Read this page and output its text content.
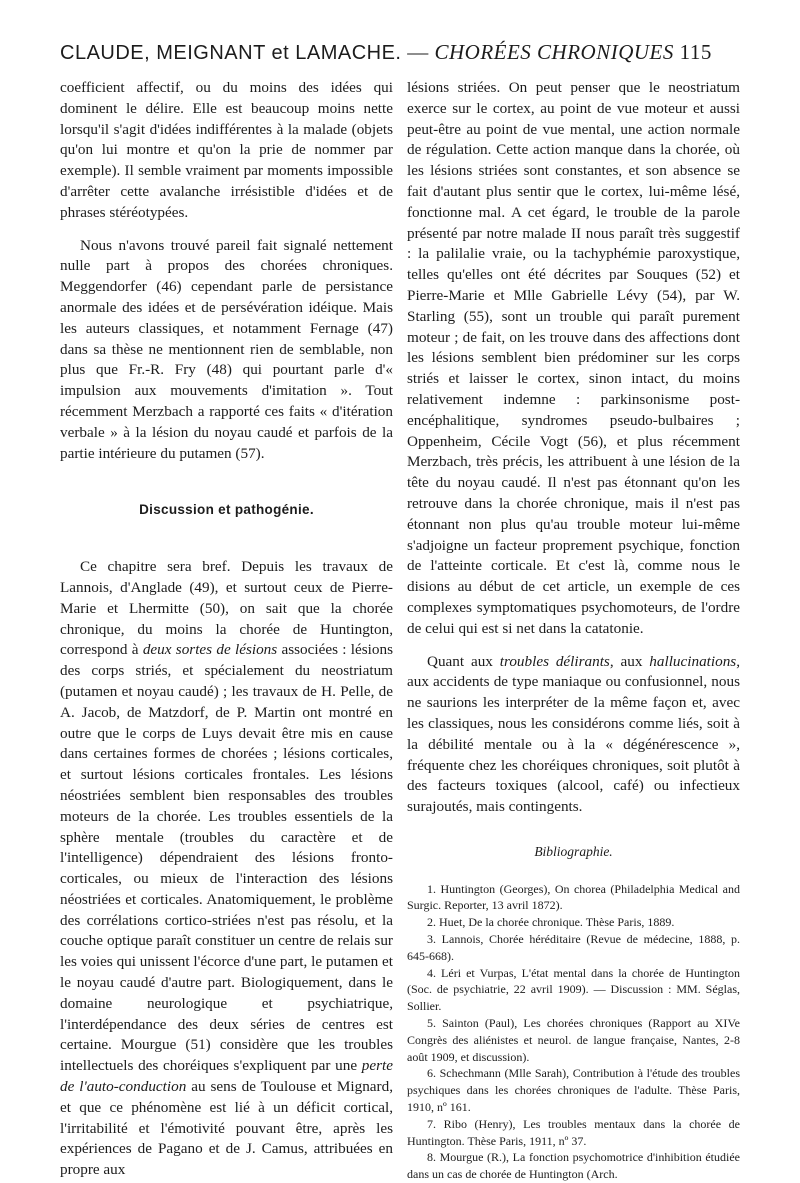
CLAUDE, MEIGNANT et LAMACHE. — CHORÉES CHRONIQUES 115

coefficient affectif, ou du moins des idées qui dominent le délire. Elle est beaucoup moins nette lorsqu'il s'agit d'idées indifférentes à la malade (objets qu'on lui montre et qu'on la prie de nommer par exemple). Il semble vraiment par moments impossible d'arrêter cette avalanche irrésistible d'idées et de phrases stéréotypées.

Nous n'avons trouvé pareil fait signalé nettement nulle part à propos des chorées chroniques. Meggendorfer (46) cependant parle de persistance anormale des idées et de persévération idéique. Mais les auteurs classiques, et notamment Fernage (47) dans sa thèse ne mentionnent rien de semblable, non plus que Fr.-R. Fry (48) qui pourtant parle d'« impulsion aux mouvements d'imitation ». Tout récemment Merzbach a rapporté ces faits « d'itération verbale » à la lésion du noyau caudé et parfois de la partie intérieure du putamen (57).

Discussion et pathogénie.

Ce chapitre sera bref. Depuis les travaux de Lannois, d'Anglade (49), et surtout ceux de Pierre-Marie et Lhermitte (50), on sait que la chorée chronique, du moins la chorée de Huntington, correspond à deux sortes de lésions associées : lésions des corps striés, et spécialement du neostriatum (putamen et noyau caudé) ; les travaux de H. Pelle, de A. Jacob, de Matzdorf, de P. Martin ont montré en outre que le corps de Luys devait être mis en cause dans certaines formes de chorées ; lésions corticales, et surtout lésions corticales frontales. Les lésions néostriées semblent bien responsables des troubles moteurs de la chorée. Les troubles essentiels de la sphère mentale (troubles du caractère et de l'intelligence) dépendraient des lésions fronto-corticales, ou mieux de l'interaction des lésions néostriées et corticales. Anatomiquement, le problème des corrélations cortico-striées n'est pas résolu, et la couche optique paraît constituer un centre de relais sur les voies qui unissent l'écorce d'une part, le putamen et le noyau caudé d'autre part. Biologiquement, dans le domaine neurologique et psychiatrique, l'interdépendance des deux séries de centres est certaine. Mourgue (51) considère que les troubles intellectuels des choréiques s'expliquent par une perte de l'auto-conduction au sens de Toulouse et Mignard, et que ce phénomène est lié à un déficit cortical, l'irritabilité et l'émotivité pouvant être, après les expériences de Pagano et de J. Camus, attribuées en propre aux

lésions striées. On peut penser que le neostriatum exerce sur le cortex, au point de vue moteur et aussi peut-être au point de vue mental, une action normale de régulation. Cette action manque dans la chorée, où les lésions striées sont constantes, et son absence se fait d'autant plus sentir que le cortex, lui-même lésé, fonctionne mal. A cet égard, le trouble de la parole présenté par notre malade II nous paraît très suggestif : la palilalie vraie, ou la tachyphémie paroxystique, telles qu'elles ont été décrites par Souques (52) et Pierre-Marie et Mlle Gabrielle Lévy (54), par W. Starling (55), sont un trouble qui paraît purement moteur ; de fait, on les trouve dans des affections dont les lésions semblent bien prédominer sur les corps striés et laisser le cortex, sinon intact, du moins relativement indemne : parkinsonisme post-encéphalitique, syndromes pseudo-bulbaires ; Oppenheim, Cécile Vogt (56), et plus récemment Merzbach, très précis, les attribuent à une lésion de la tête du noyau caudé. Il n'est pas étonnant qu'on les retrouve dans la chorée chronique, mais il n'est pas étonnant non plus qu'au trouble moteur lui-même s'adjoigne un facteur proprement psychique, fonction de l'atteinte corticale. Et c'est là, comme nous le disions au début de cet article, un exemple de ces complexes symptomatiques psychomoteurs, de l'ordre de celui qui est si net dans la catatonie.

Quant aux troubles délirants, aux hallucinations, aux accidents de type maniaque ou confusionnel, nous ne saurions les interpréter de la même façon et, avec les classiques, nous les considérons comme liés, soit à la débilité mentale ou à la « dégénérescence », fréquente chez les choréiques chroniques, soit plutôt à des facteurs toxiques (alcool, café) ou infectieux surajoutés, mais contingents.

Bibliographie.

1. Huntington (Georges), On chorea (Philadelphia Medical and Surgic. Reporter, 13 avril 1872).

2. Huet, De la chorée chronique. Thèse Paris, 1889.

3. Lannois, Chorée héréditaire (Revue de médecine, 1888, p. 645-668).

4. Léri et Vurpas, L'état mental dans la chorée de Huntington (Soc. de psychiatrie, 22 avril 1909). — Discussion : MM. Séglas, Sollier.

5. Sainton (Paul), Les chorées chroniques (Rapport au XIVe Congrès des aliénistes et neurol. de langue française, Nantes, 2-8 août 1909, et discussion).

6. Schechmann (Mlle Sarah), Contribution à l'étude des troubles psychiques dans les chorées chroniques de l'adulte. Thèse Paris, 1910, nº 161.

7. Ribo (Henry), Les troubles mentaux dans la chorée de Huntington. Thèse Paris, 1911, nº 37.

8. Mourgue (R.), La fonction psychomotrice d'inhibition étudiée dans un cas de chorée de Huntington (Arch.
